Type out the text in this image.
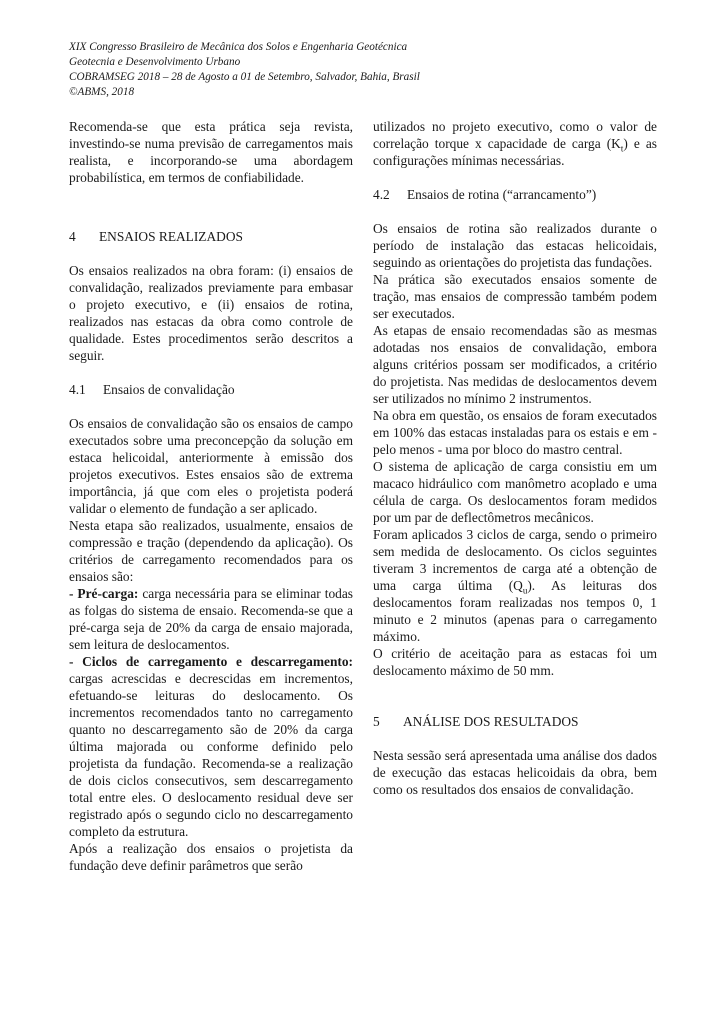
XIX Congresso Brasileiro de Mecânica dos Solos e Engenharia Geotécnica
Geotecnia e Desenvolvimento Urbano
COBRAMSEG 2018 – 28 de Agosto a 01 de Setembro, Salvador, Bahia, Brasil
©ABMS, 2018

Recomenda-se que esta prática seja revista, investindo-se numa previsão de carregamentos mais realista, e incorporando-se uma abordagem probabilística, em termos de confiabilidade.

4 ENSAIOS REALIZADOS

Os ensaios realizados na obra foram: (i) ensaios de convalidação, realizados previamente para embasar o projeto executivo, e (ii) ensaios de rotina, realizados nas estacas da obra como controle de qualidade. Estes procedimentos serão descritos a seguir.

4.1 Ensaios de convalidação

Os ensaios de convalidação são os ensaios de campo executados sobre uma preconcepção da solução em estaca helicoidal, anteriormente à emissão dos projetos executivos. Estes ensaios são de extrema importância, já que com eles o projetista poderá validar o elemento de fundação a ser aplicado.

Nesta etapa são realizados, usualmente, ensaios de compressão e tração (dependendo da aplicação). Os critérios de carregamento recomendados para os ensaios são:

- Pré-carga: carga necessária para se eliminar todas as folgas do sistema de ensaio. Recomenda-se que a pré-carga seja de 20% da carga de ensaio majorada, sem leitura de deslocamentos.

- Ciclos de carregamento e descarregamento: cargas acrescidas e decrescidas em incrementos, efetuando-se leituras do deslocamento. Os incrementos recomendados tanto no carregamento quanto no descarregamento são de 20% da carga última majorada ou conforme definido pelo projetista da fundação. Recomenda-se a realização de dois ciclos consecutivos, sem descarregamento total entre eles. O deslocamento residual deve ser registrado após o segundo ciclo no descarregamento completo da estrutura.

Após a realização dos ensaios o projetista da fundação deve definir parâmetros que serão

utilizados no projeto executivo, como o valor de correlação torque x capacidade de carga $(K_t)$ e as configurações mínimas necessárias.

4.2 Ensaios de rotina (“arrancamento”)

Os ensaios de rotina são realizados durante o período de instalação das estacas helicoidais, seguindo as orientações do projetista das fundações.

Na prática são executados ensaios somente de tração, mas ensaios de compressão também podem ser executados.

As etapas de ensaio recomendadas são as mesmas adotadas nos ensaios de convalidação, embora alguns critérios possam ser modificados, a critério do projetista. Nas medidas de deslocamentos devem ser utilizados no mínimo 2 instrumentos.

Na obra em questão, os ensaios de foram executados em 100% das estacas instaladas para os estais e em - pelo menos - uma por bloco do mastro central.

O sistema de aplicação de carga consistiu em um macaco hidráulico com manômetro acoplado e uma célula de carga. Os deslocamentos foram medidos por um par de deflectômetros mecânicos.

Foram aplicados 3 ciclos de carga, sendo o primeiro sem medida de deslocamento. Os ciclos seguintes tiveram 3 incrementos de carga até a obtenção de uma carga última $(Q_u)$. As leituras dos deslocamentos foram realizadas nos tempos 0, 1 minuto e 2 minutos (apenas para o carregamento máximo.

O critério de aceitação para as estacas foi um deslocamento máximo de 50 mm.

5 ANÁLISE DOS RESULTADOS

Nesta sessão será apresentada uma análise dos dados de execução das estacas helicoidais da obra, bem como os resultados dos ensaios de convalidação.
